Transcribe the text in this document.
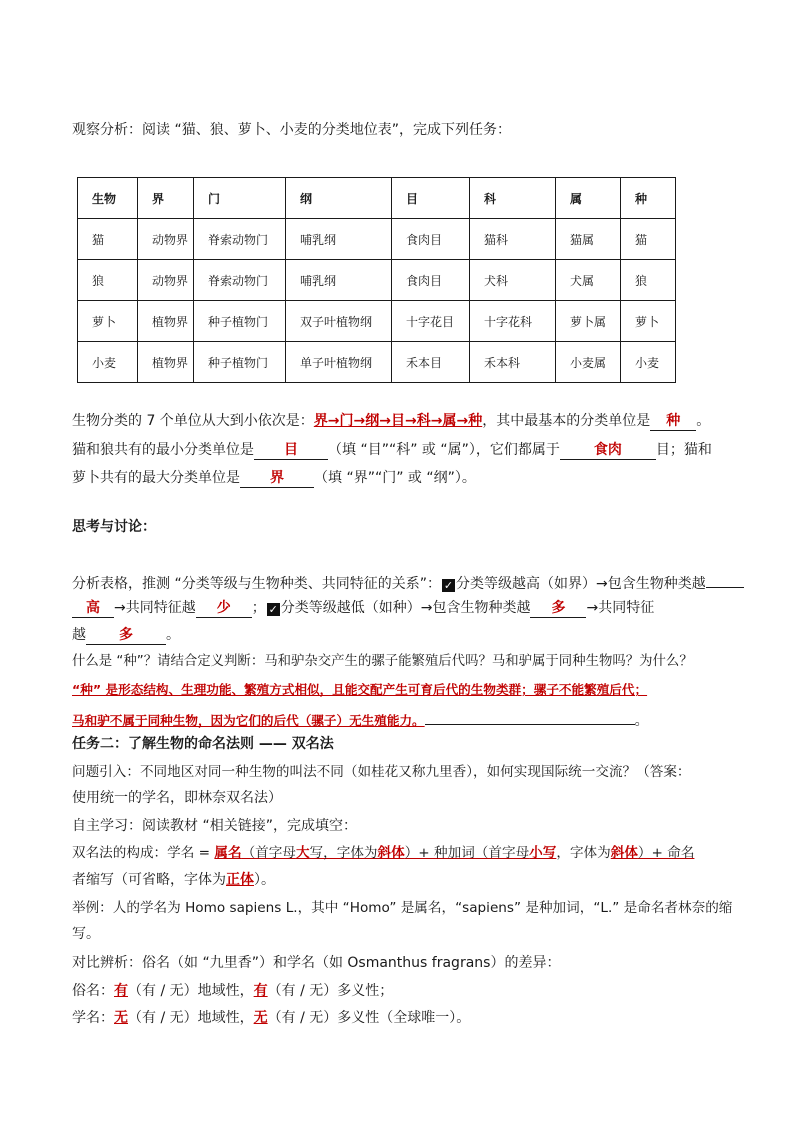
观察分析：阅读 “猫、狼、萝卜、小麦的分类地位表”，完成下列任务：
生物	界	门	纲	目	科	属	种
猫	动物界	脊索动物门	哺乳纲	食肉目	猫科	猫属	猫
狼	动物界	脊索动物门	哺乳纲	食肉目	犬科	犬属	狼
萝卜	植物界	种子植物门	双子叶植物纲	十字花目	十字花科	萝卜属	萝卜
小麦	植物界	种子植物门	单子叶植物纲	禾本目	禾本科	小麦属	小麦
生物分类的 7 个单位从大到小依次是：界→门→纲→目→科→属→种，其中最基本的分类单位是 种 。
猫和狼共有的最小分类单位是 目 （填 “目”“科” 或 “属”），它们都属于 食肉 目；猫和
萝卜共有的最大分类单位是 界 （填 “界”“门” 或 “纲”）。
思考与讨论：
分析表格，推测 “分类等级与生物种类、共同特征的关系”： ✓ 分类等级越高（如界）→包含生物种类越
高 →共同特征越 少 ； ✓ 分类等级越低（如种）→包含生物种类越 多 →共同特征
越 多 。
什么是 “种”？请结合定义判断：马和驴杂交产生的骡子能繁殖后代吗？马和驴属于同种生物吗？为什么？
“种” 是形态结构、生理功能、繁殖方式相似，且能交配产生可育后代的生物类群；骡子不能繁殖后代；
马和驴不属于同种生物，因为它们的后代（骡子）无生殖能力。	。
任务二：了解生物的命名法则 —— 双名法
问题引入：不同地区对同一种生物的叫法不同（如桂花又称九里香），如何实现国际统一交流？（答案：
使用统一的学名，即林奈双名法）
自主学习：阅读教材 “相关链接”，完成填空：
双名法的构成：学名 = 属名（首字母大写，字体为斜体）+ 种加词（首字母小写，字体为斜体）+ 命名
者缩写（可省略，字体为正体）。
举例：人的学名为 Homo sapiens L.，其中 “Homo” 是属名，“sapiens” 是种加词，“L.” 是命名者林奈的缩
写。
对比辨析：俗名（如 “九里香”）和学名（如 Osmanthus fragrans）的差异：
俗名：有（有 / 无）地域性，有（有 / 无）多义性；
学名：无（有 / 无）地域性，无（有 / 无）多义性（全球唯一）。
